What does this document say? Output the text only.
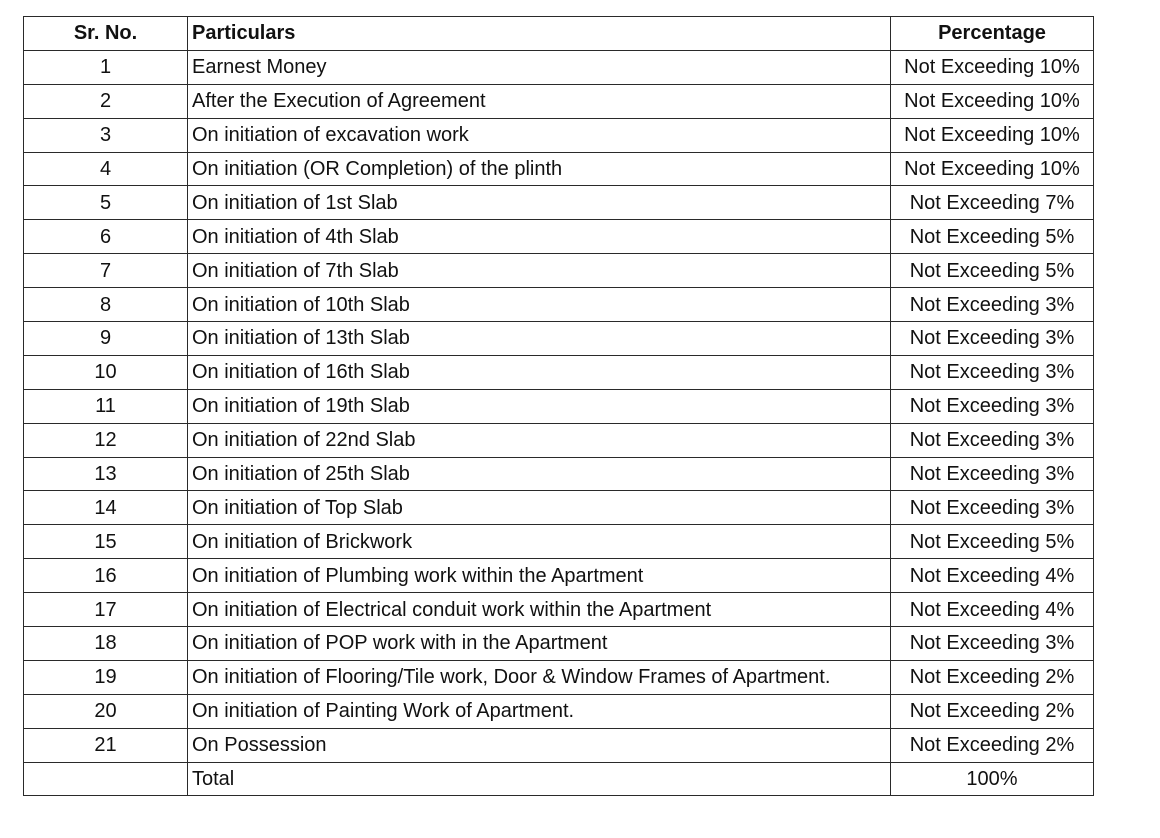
Sr. No.	Particulars	Percentage
1	Earnest Money	Not Exceeding 10%
2	After the Execution of Agreement	Not Exceeding 10%
3	On initiation of excavation work	Not Exceeding 10%
4	On initiation (OR Completion) of the plinth	Not Exceeding 10%
5	On initiation of 1st Slab	Not Exceeding 7%
6	On initiation of 4th Slab	Not Exceeding 5%
7	On initiation of 7th Slab	Not Exceeding 5%
8	On initiation of 10th Slab	Not Exceeding 3%
9	On initiation of 13th Slab	Not Exceeding 3%
10	On initiation of 16th Slab	Not Exceeding 3%
11	On initiation of 19th Slab	Not Exceeding 3%
12	On initiation of 22nd Slab	Not Exceeding 3%
13	On initiation of 25th Slab	Not Exceeding 3%
14	On initiation of Top Slab	Not Exceeding 3%
15	On initiation of Brickwork	Not Exceeding 5%
16	On initiation of Plumbing work within the Apartment	Not Exceeding 4%
17	On initiation of Electrical conduit work within the Apartment	Not Exceeding 4%
18	On initiation of POP work with in the Apartment	Not Exceeding 3%
19	On initiation of Flooring/Tile work, Door & Window Frames of Apartment.	Not Exceeding 2%
20	On initiation of Painting Work of Apartment.	Not Exceeding 2%
21	On Possession	Not Exceeding 2%
	Total	100%
